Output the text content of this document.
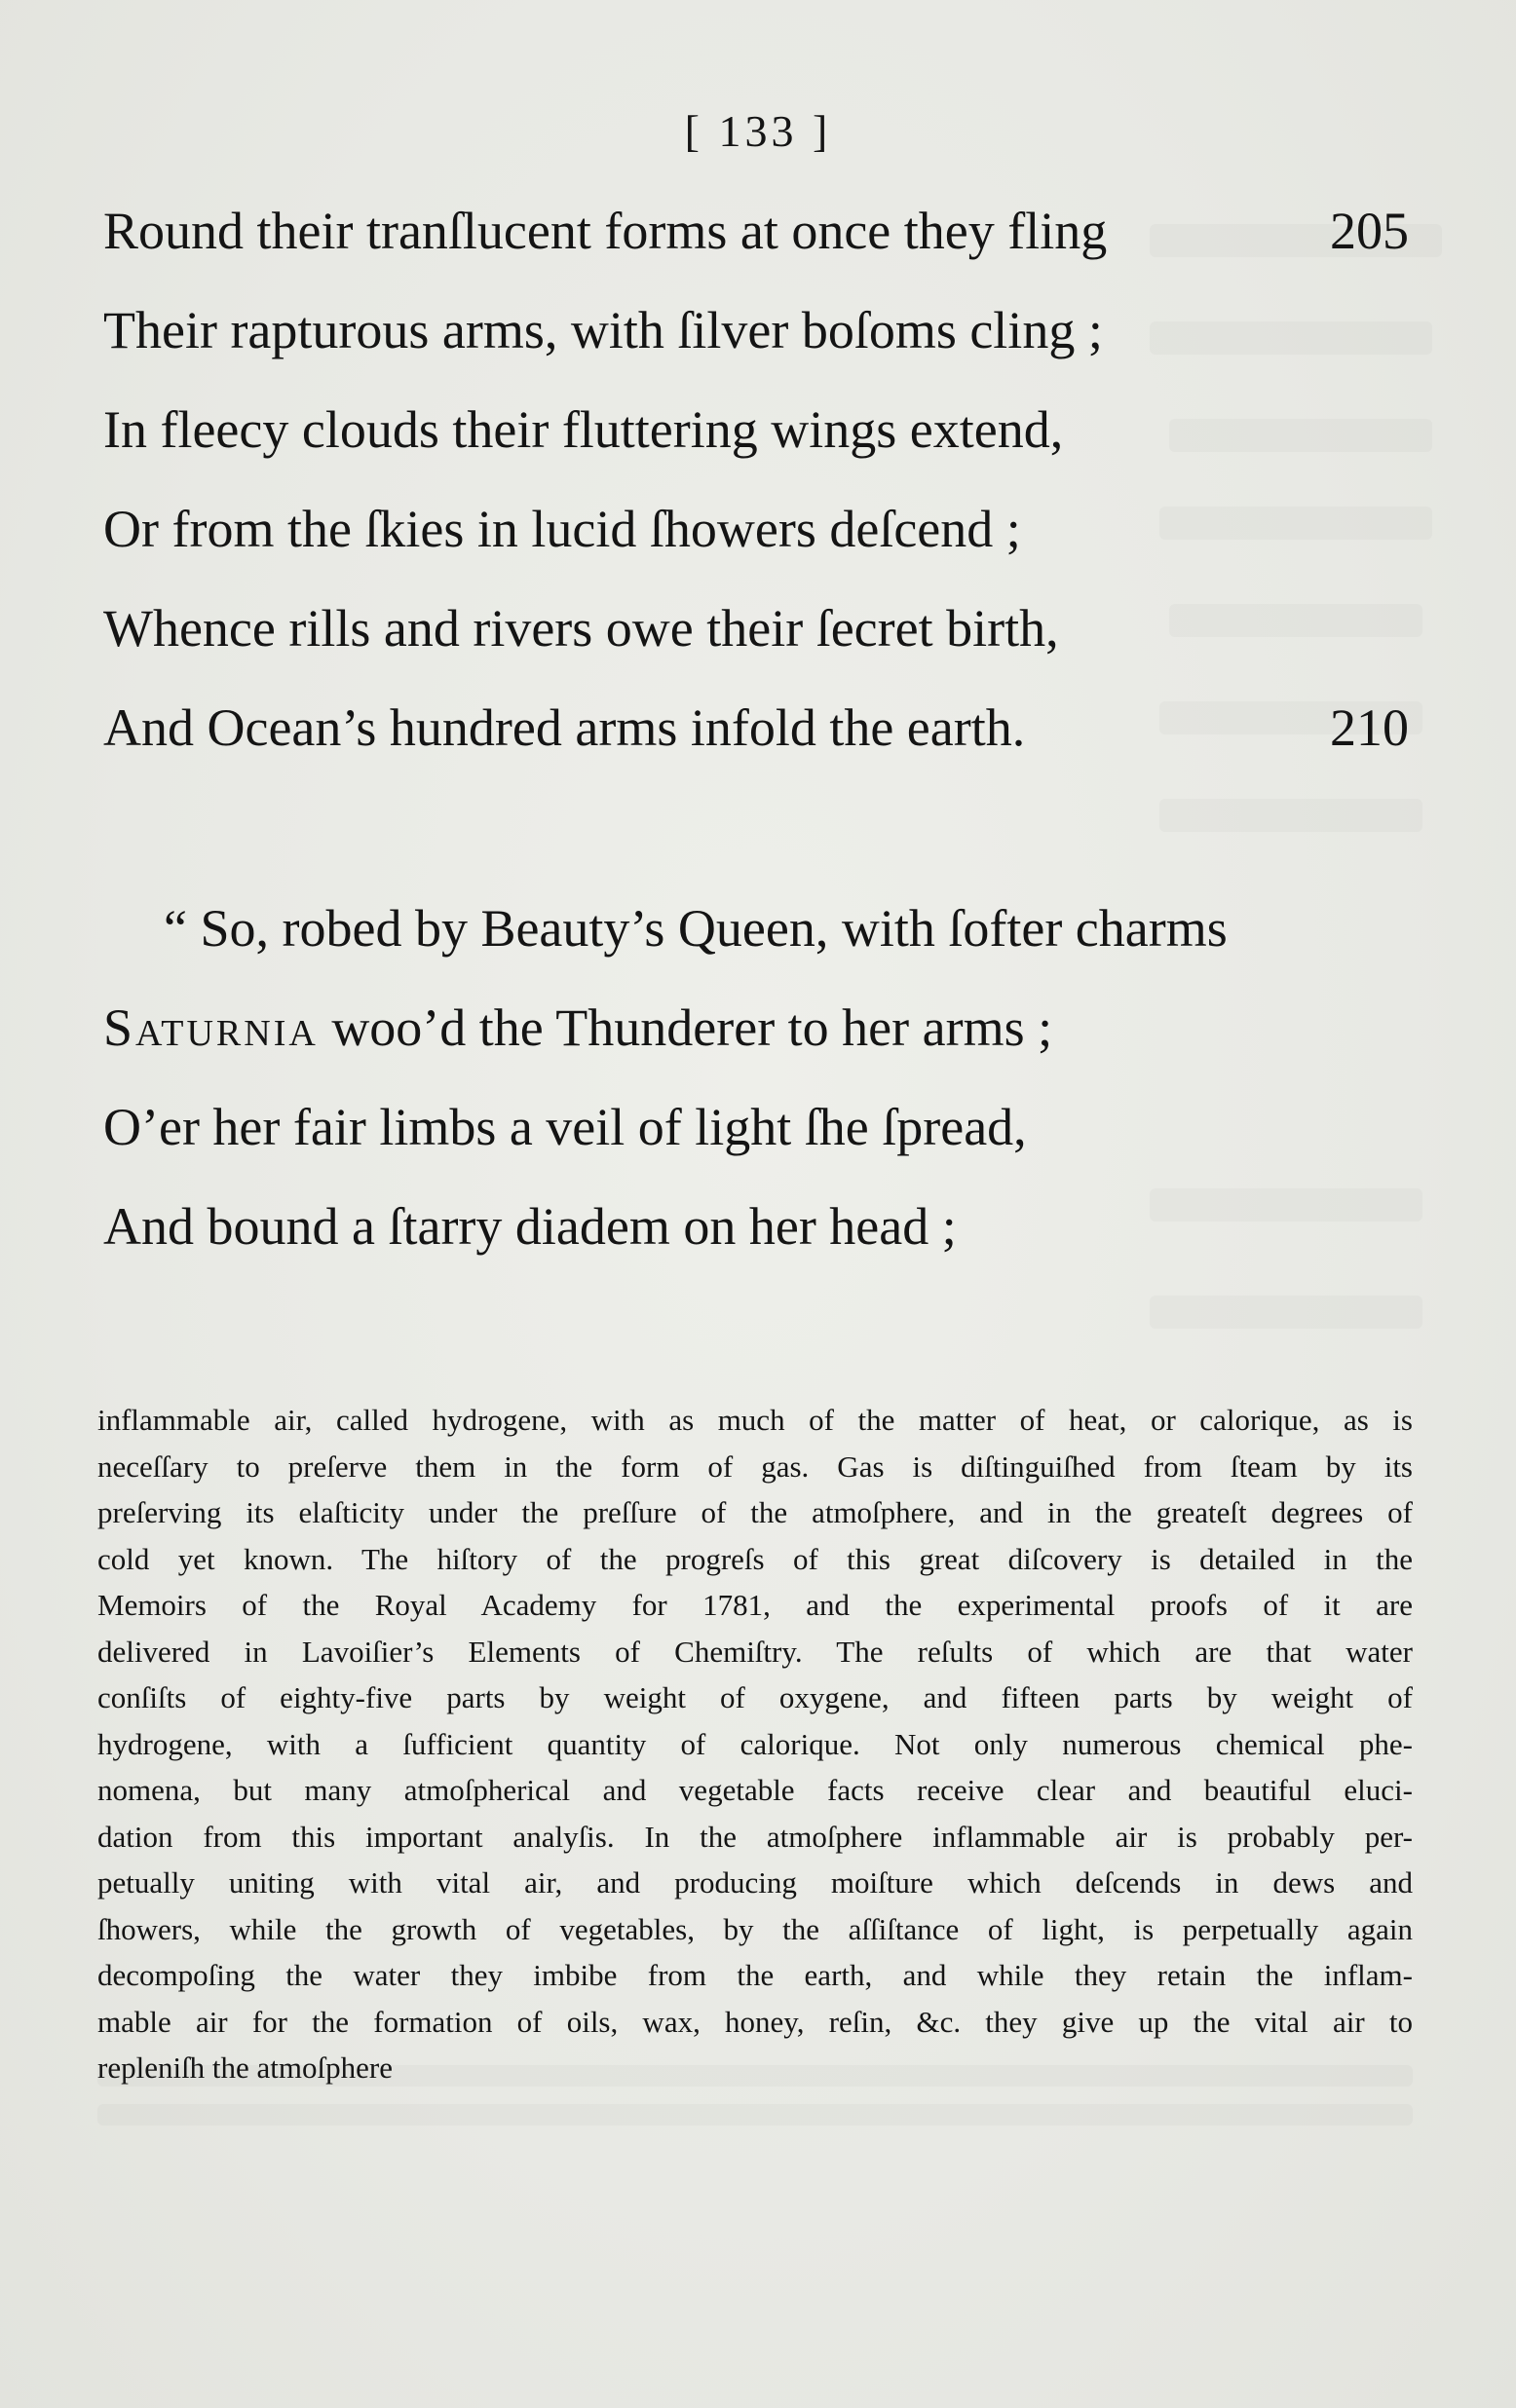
[ 133 ]
Round their tranſlucent forms at once they fling	205
Their rapturous arms, with ſilver boſoms cling ;
In fleecy clouds their fluttering wings extend,
Or from the ſkies in lucid ſhowers deſcend ;
Whence rills and rivers owe their ſecret birth,
And Ocean’s hundred arms infold the earth.	210
“ So, robed by Beauty’s Queen, with ſofter charms
Saturnia woo’d the Thunderer to her arms ;
O’er her fair limbs a veil of light ſhe ſpread,
And bound a ſtarry diadem on her head ;
inflammable air, called hydrogene, with as much of the matter of heat, or calorique, as is
neceſſary to preſerve them in the form of gas. Gas is diſtinguiſhed from ſteam by its
preſerving its elaſticity under the preſſure of the atmoſphere, and in the greateſt degrees of
cold yet known. The hiſtory of the progreſs of this great diſcovery is detailed in the
Memoirs of the Royal Academy for 1781, and the experimental proofs of it are
delivered in Lavoiſier’s Elements of Chemiſtry. The reſults of which are that water
conſiſts of eighty-five parts by weight of oxygene, and fifteen parts by weight of
hydrogene, with a ſufficient quantity of calorique. Not only numerous chemical phe-
nomena, but many atmoſpherical and vegetable facts receive clear and beautiful eluci-
dation from this important analyſis. In the atmoſphere inflammable air is probably per-
petually uniting with vital air, and producing moiſture which deſcends in dews and
ſhowers, while the growth of vegetables, by the aſſiſtance of light, is perpetually again
decompoſing the water they imbibe from the earth, and while they retain the inflam-
mable air for the formation of oils, wax, honey, reſin, &c. they give up the vital air to
repleniſh the atmoſphere
